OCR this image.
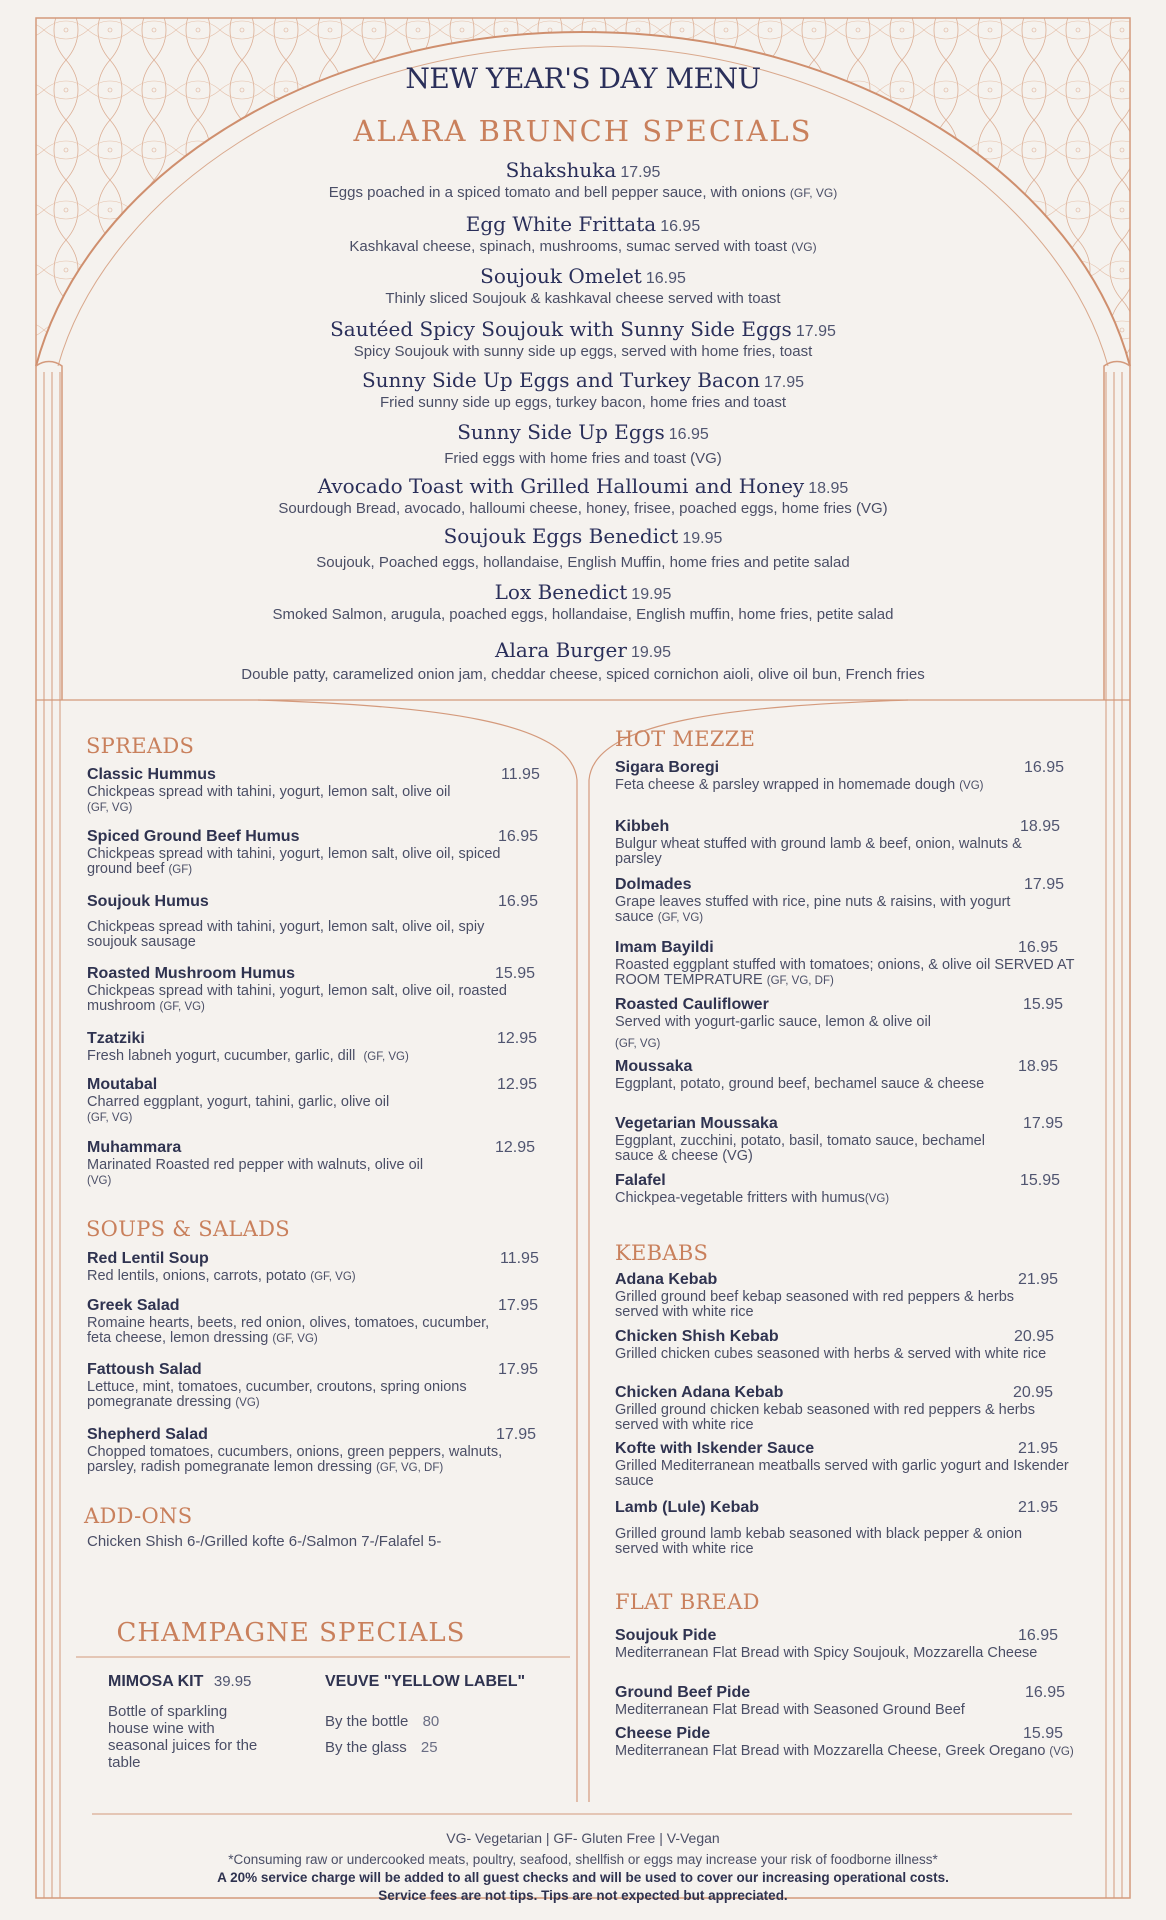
NEW YEAR'S DAY MENU
ALARA BRUNCH SPECIALS
Shakshuka 17.95
Eggs poached in a spiced tomato and bell pepper sauce, with onions (GF, VG)
Egg White Frittata 16.95
Kashkaval cheese, spinach, mushrooms, sumac served with toast (VG)
Soujouk Omelet 16.95
Thinly sliced Soujouk & kashkaval cheese served with toast
Sautéed Spicy Soujouk with Sunny Side Eggs 17.95
Spicy Soujouk with sunny side up eggs, served with home fries, toast
Sunny Side Up Eggs and Turkey Bacon 17.95
Fried sunny side up eggs, turkey bacon, home fries and toast
Sunny Side Up Eggs 16.95
Fried eggs with home fries and toast (VG)
Avocado Toast with Grilled Halloumi and Honey 18.95
Sourdough Bread, avocado, halloumi cheese, honey, frisee, poached eggs, home fries (VG)
Soujouk Eggs Benedict 19.95
Soujouk, Poached eggs, hollandaise, English Muffin, home fries and petite salad
Lox Benedict 19.95
Smoked Salmon, arugula, poached eggs, hollandaise, English muffin, home fries, petite salad
Alara Burger 19.95
Double patty, caramelized onion jam, cheddar cheese, spiced cornichon aioli, olive oil bun, French fries
SPREADS
Classic Hummus	11.95
Chickpeas spread with tahini, yogurt, lemon salt, olive oil
(GF, VG)
Spiced Ground Beef Humus	16.95
Chickpeas spread with tahini, yogurt, lemon salt, olive oil, spiced ground beef (GF)
Soujouk Humus	16.95
Chickpeas spread with tahini, yogurt, lemon salt, olive oil, spiy soujouk sausage
Roasted Mushroom Humus	15.95
Chickpeas spread with tahini, yogurt, lemon salt, olive oil, roasted mushroom (GF, VG)
Tzatziki	12.95
Fresh labneh yogurt, cucumber, garlic, dill (GF, VG)
Moutabal	12.95
Charred eggplant, yogurt, tahini, garlic, olive oil
(GF, VG)
Muhammara	12.95
Marinated Roasted red pepper with walnuts, olive oil
(VG)
SOUPS & SALADS
Red Lentil Soup	11.95
Red lentils, onions, carrots, potato (GF, VG)
Greek Salad	17.95
Romaine hearts, beets, red onion, olives, tomatoes, cucumber, feta cheese, lemon dressing (GF, VG)
Fattoush Salad	17.95
Lettuce, mint, tomatoes, cucumber, croutons, spring onions pomegranate dressing (VG)
Shepherd Salad	17.95
Chopped tomatoes, cucumbers, onions, green peppers, walnuts, parsley, radish pomegranate lemon dressing (GF, VG, DF)
ADD-ONS
Chicken Shish 6-/Grilled kofte 6-/Salmon 7-/Falafel 5-
CHAMPAGNE SPECIALS
MIMOSA KIT 39.95
Bottle of sparkling house wine with seasonal juices for the table
VEUVE "YELLOW LABEL"
By the bottle 80
By the glass 25
HOT MEZZE
Sigara Boregi	16.95
Feta cheese & parsley wrapped in homemade dough (VG)
Kibbeh	18.95
Bulgur wheat stuffed with ground lamb & beef, onion, walnuts & parsley
Dolmades	17.95
Grape leaves stuffed with rice, pine nuts & raisins, with yogurt sauce (GF, VG)
Imam Bayildi	16.95
Roasted eggplant stuffed with tomatoes; onions, & olive oil SERVED AT ROOM TEMPRATURE (GF, VG, DF)
Roasted Cauliflower	15.95
Served with yogurt-garlic sauce, lemon & olive oil
(GF, VG)
Moussaka	18.95
Eggplant, potato, ground beef, bechamel sauce & cheese
Vegetarian Moussaka	17.95
Eggplant, zucchini, potato, basil, tomato sauce, bechamel sauce & cheese (VG)
Falafel	15.95
Chickpea-vegetable fritters with humus(VG)
KEBABS
Adana Kebab	21.95
Grilled ground beef kebap seasoned with red peppers & herbs served with white rice
Chicken Shish Kebab	20.95
Grilled chicken cubes seasoned with herbs & served with white rice
Chicken Adana Kebab	20.95
Grilled ground chicken kebab seasoned with red peppers & herbs served with white rice
Kofte with Iskender Sauce	21.95
Grilled Mediterranean meatballs served with garlic yogurt and Iskender sauce
Lamb (Lule) Kebab	21.95
Grilled ground lamb kebab seasoned with black pepper & onion served with white rice
FLAT BREAD
Soujouk Pide	16.95
Mediterranean Flat Bread with Spicy Soujouk, Mozzarella Cheese
Ground Beef Pide	16.95
Mediterranean Flat Bread with Seasoned Ground Beef
Cheese Pide	15.95
Mediterranean Flat Bread with Mozzarella Cheese, Greek Oregano (VG)
VG- Vegetarian | GF- Gluten Free | V-Vegan
*Consuming raw or undercooked meats, poultry, seafood, shellfish or eggs may increase your risk of foodborne illness*
A 20% service charge will be added to all guest checks and will be used to cover our increasing operational costs.
Service fees are not tips. Tips are not expected but appreciated.
